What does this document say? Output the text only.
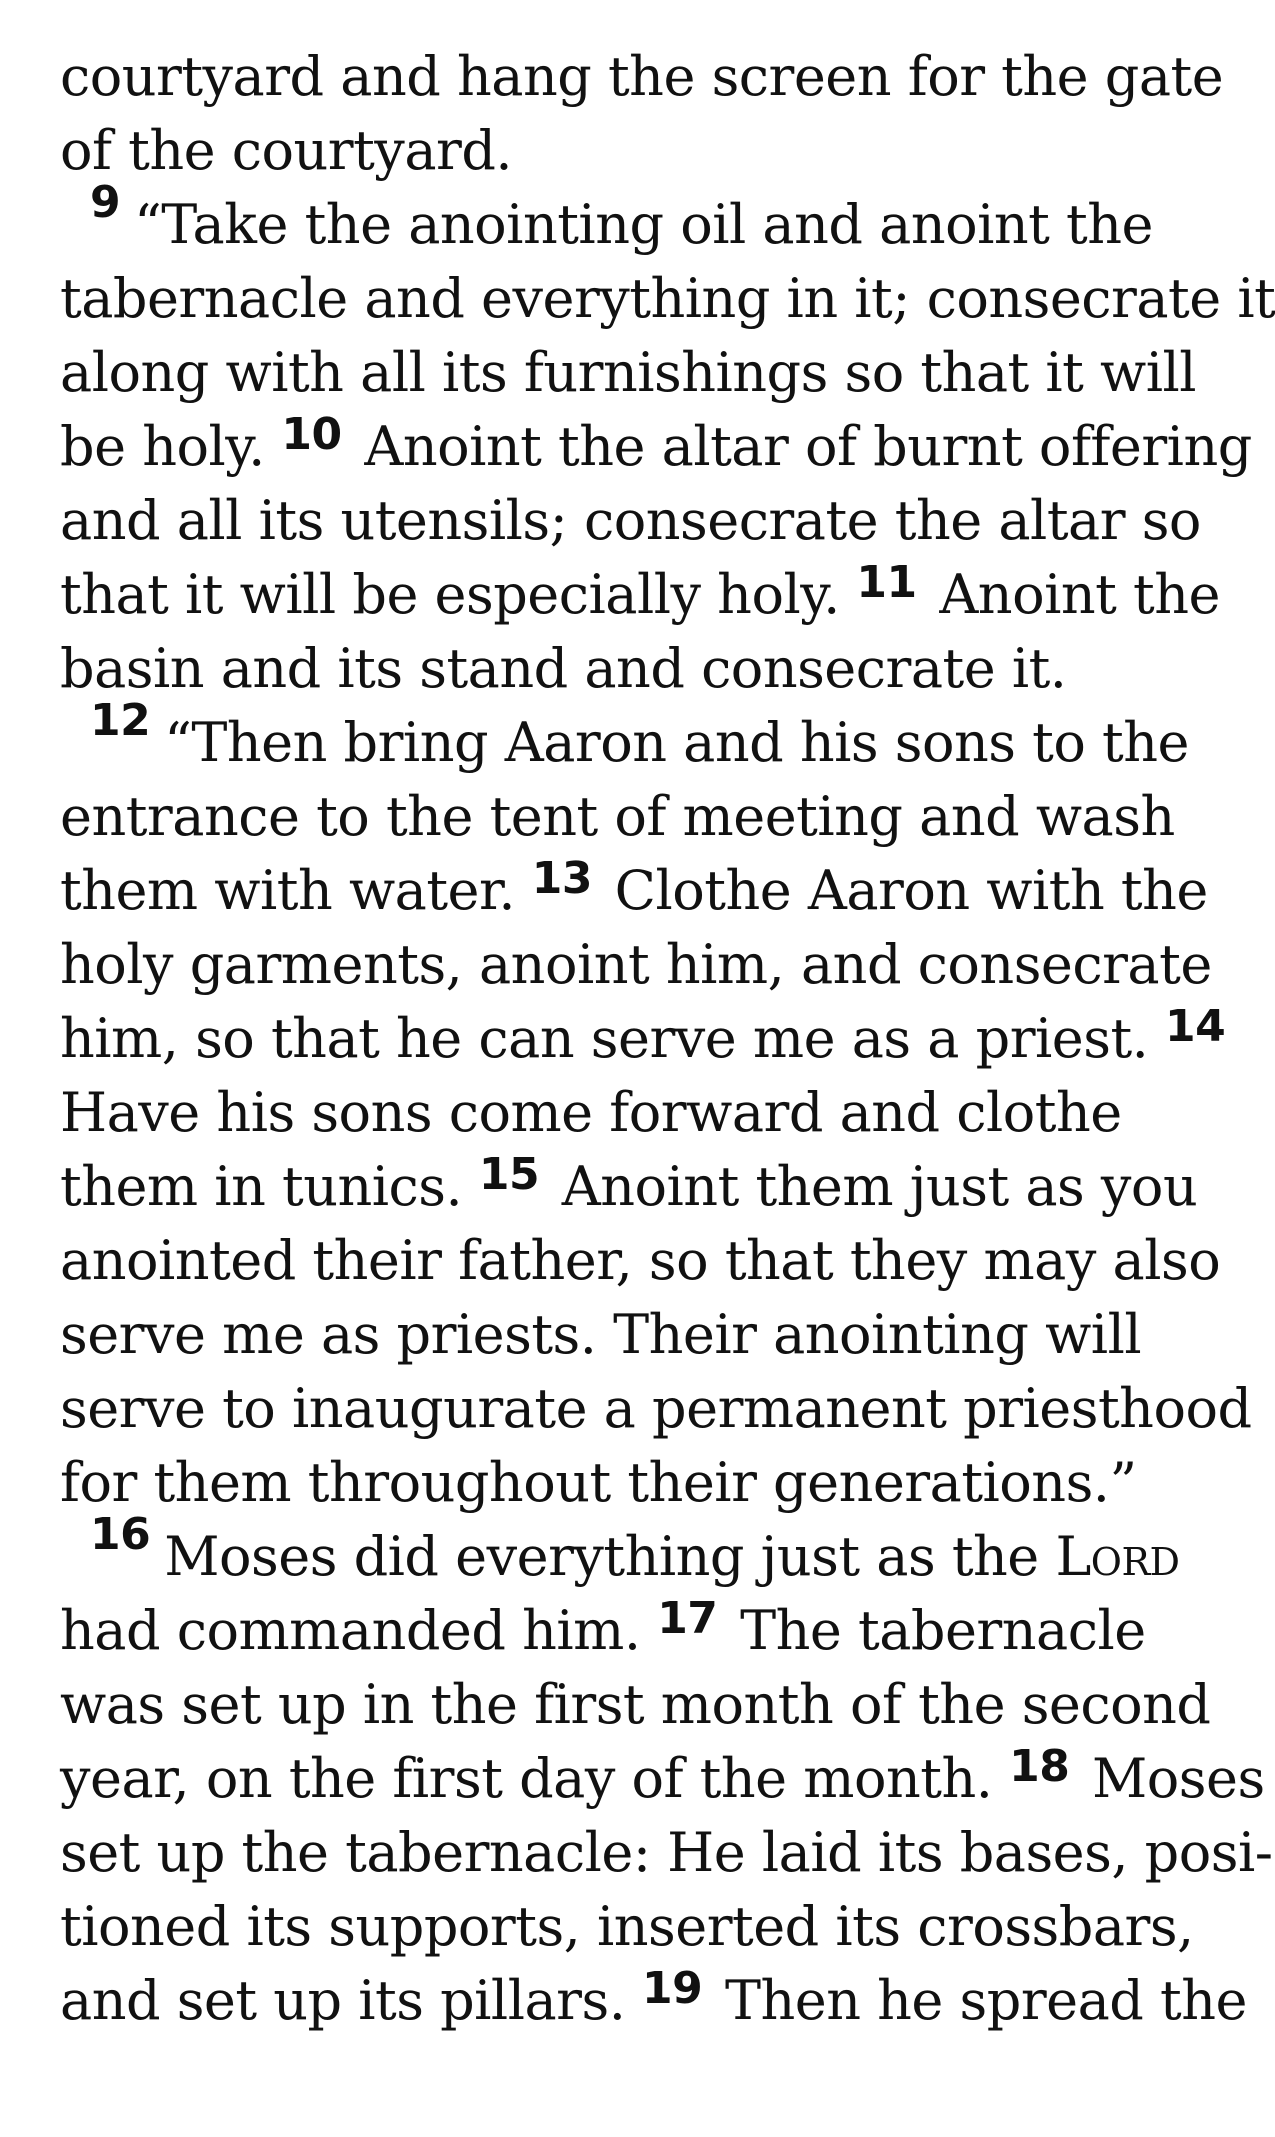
courtyard and hang the screen for the gate
of the courtyard.
$^9$ “Take the anointing oil and anoint the
tabernacle and everything in it; consecrate it
along with all its furnishings so that it will
be holy. $^{10}$ Anoint the altar of burnt offering
and all its utensils; consecrate the altar so
that it will be especially holy. $^{11}$ Anoint the
basin and its stand and consecrate it.
$^{12}$ “Then bring Aaron and his sons to the
entrance to the tent of meeting and wash
them with water. $^{13}$ Clothe Aaron with the
holy garments, anoint him, and consecrate
him, so that he can serve me as a priest. $^{14}$
Have his sons come forward and clothe
them in tunics. $^{15}$ Anoint them just as you
anointed their father, so that they may also
serve me as priests. Their anointing will
serve to inaugurate a permanent priesthood
for them throughout their generations.”
$^{16}$ Moses did everything just as the Lord
had commanded him. $^{17}$ The tabernacle
was set up in the first month of the second
year, on the first day of the month. $^{18}$ Moses
set up the tabernacle: He laid its bases, posi-
tioned its supports, inserted its crossbars,
and set up its pillars. $^{19}$ Then he spread the
